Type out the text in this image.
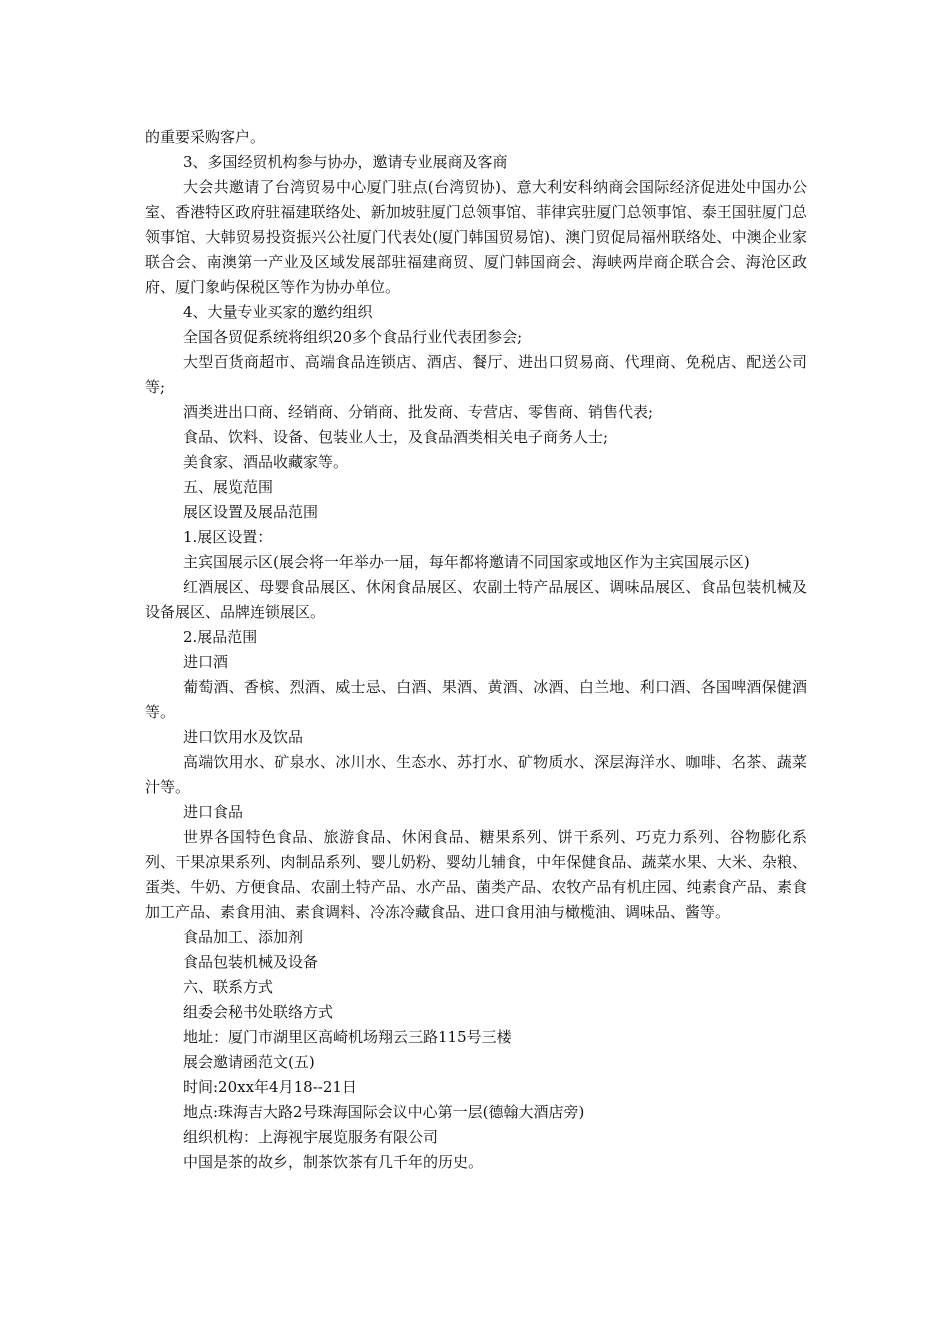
的重要采购客户。

3、多国经贸机构参与协办，邀请专业展商及客商

大会共邀请了台湾贸易中心厦门驻点(台湾贸协)、意大利安科纳商会国际经济促进处中国办公室、香港特区政府驻福建联络处、新加坡驻厦门总领事馆、菲律宾驻厦门总领事馆、泰王国驻厦门总领事馆、大韩贸易投资振兴公社厦门代表处(厦门韩国贸易馆)、澳门贸促局福州联络处、中澳企业家联合会、南澳第一产业及区域发展部驻福建商贸、厦门韩国商会、海峡两岸商企联合会、海沧区政府、厦门象屿保税区等作为协办单位。

4、大量专业买家的邀约组织

全国各贸促系统将组织20多个食品行业代表团参会;

大型百货商超市、高端食品连锁店、酒店、餐厅、进出口贸易商、代理商、免税店、配送公司等;

酒类进出口商、经销商、分销商、批发商、专营店、零售商、销售代表;

食品、饮料、设备、包装业人士，及食品酒类相关电子商务人士;

美食家、酒品收藏家等。

五、展览范围

展区设置及展品范围

1.展区设置：

主宾国展示区(展会将一年举办一届，每年都将邀请不同国家或地区作为主宾国展示区)

红酒展区、母婴食品展区、休闲食品展区、农副土特产品展区、调味品展区、食品包装机械及设备展区、品牌连锁展区。

2.展品范围

进口酒

葡萄酒、香槟、烈酒、威士忌、白酒、果酒、黄酒、冰酒、白兰地、利口酒、各国啤酒保健酒等。

进口饮用水及饮品

高端饮用水、矿泉水、冰川水、生态水、苏打水、矿物质水、深层海洋水、咖啡、名茶、蔬菜汁等。

进口食品

世界各国特色食品、旅游食品、休闲食品、糖果系列、饼干系列、巧克力系列、谷物膨化系列、干果凉果系列、肉制品系列、婴儿奶粉、婴幼儿辅食，中年保健食品、蔬菜水果、大米、杂粮、蛋类、牛奶、方便食品、农副土特产品、水产品、菌类产品、农牧产品有机庄园、纯素食产品、素食加工产品、素食用油、素食调料、冷冻冷藏食品、进口食用油与橄榄油、调味品、酱等。

食品加工、添加剂

食品包装机械及设备

六、联系方式

组委会秘书处联络方式

地址：厦门市湖里区高崎机场翔云三路115号三楼

展会邀请函范文(五)

时间:20xx年4月18--21日

地点:珠海吉大路2号珠海国际会议中心第一层(德翰大酒店旁)

组织机构：上海视宇展览服务有限公司

中国是茶的故乡，制茶饮茶有几千年的历史。
